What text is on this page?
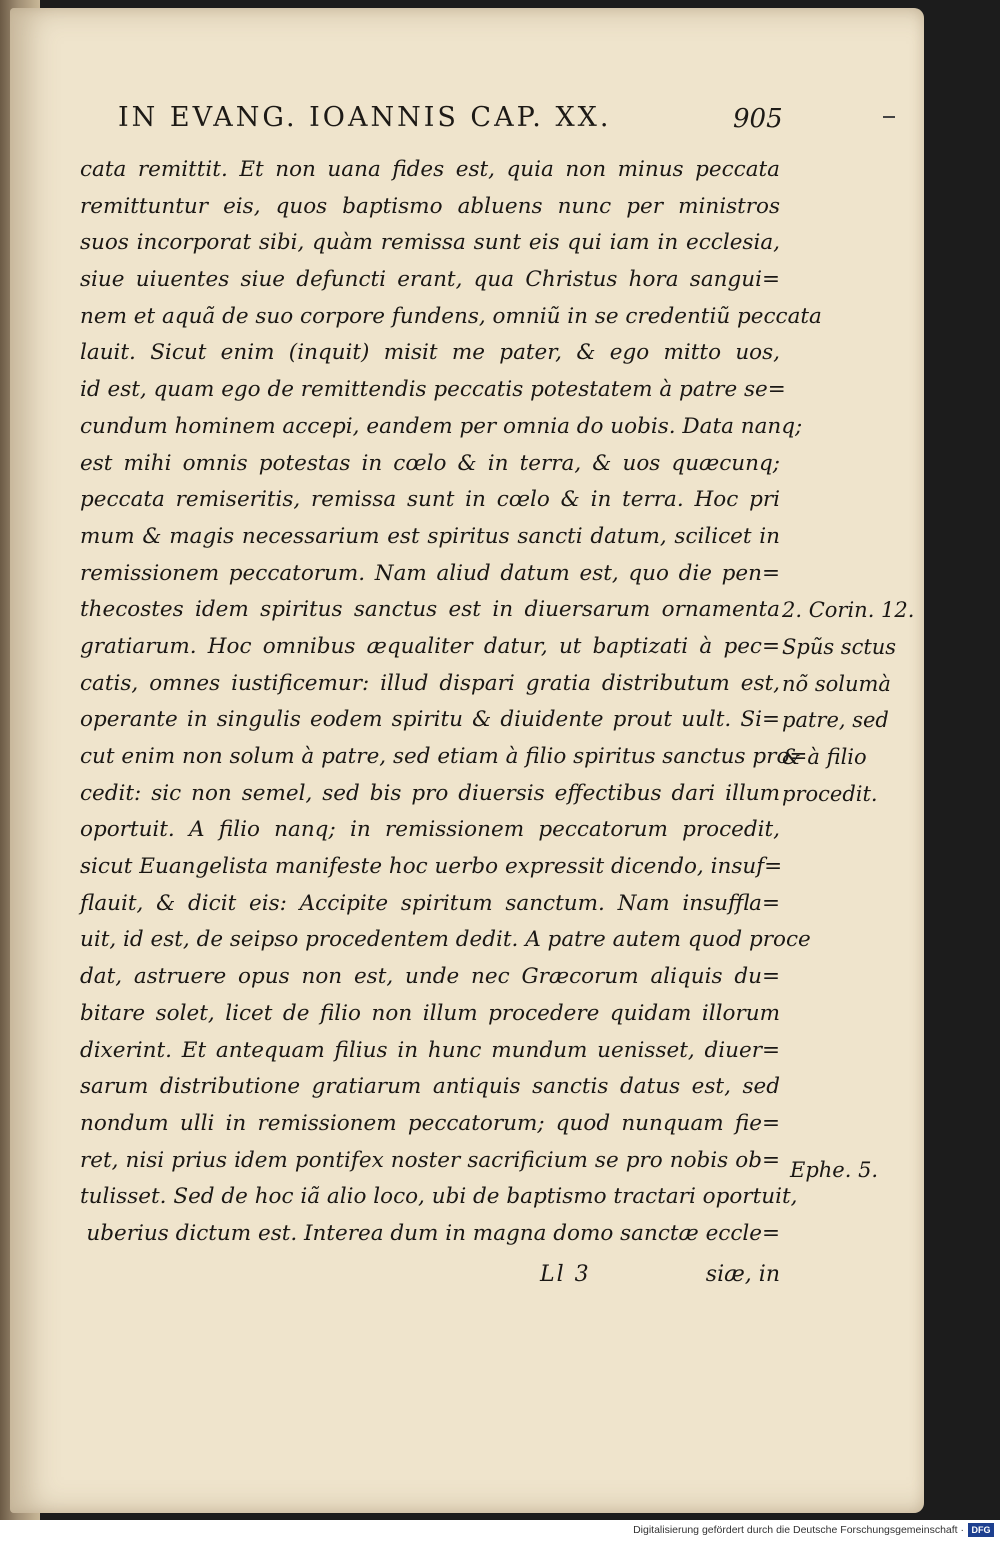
IN EVANG. IOANNIS CAP. XX.	905
cata remittit. Et non uana fides est, quia non minus peccata
remittuntur eis, quos baptismo abluens nunc per ministros
suos incorporat sibi, quàm remissa sunt eis qui iam in ecclesia,
siue uiuentes siue defuncti erant, qua Christus hora sangui=
nem et aquã de suo corpore fundens, omniũ in se credentiũ peccata
lauit. Sicut enim (inquit) misit me pater, & ego mitto uos,
id est, quam ego de remittendis peccatis potestatem à patre se=
cundum hominem accepi, eandem per omnia do uobis. Data nanq;
est mihi omnis potestas in cœlo & in terra, & uos quæcunq;
peccata remiseritis, remissa sunt in cœlo & in terra. Hoc pri
mum & magis necessarium est spiritus sancti datum, scilicet in
remissionem peccatorum. Nam aliud datum est, quo die pen=
thecostes idem spiritus sanctus est in diuersarum ornamenta
gratiarum. Hoc omnibus æqualiter datur, ut baptizati à pec=
catis, omnes iustificemur: illud dispari gratia distributum est,
operante in singulis eodem spiritu & diuidente prout uult. Si=
cut enim non solum à patre, sed etiam à filio spiritus sanctus pro=
cedit: sic non semel, sed bis pro diuersis effectibus dari illum
oportuit. A filio nanq; in remissionem peccatorum procedit,
sicut Euangelista manifeste hoc uerbo expressit dicendo, insuf=
flauit, & dicit eis: Accipite spiritum sanctum. Nam insuffla=
uit, id est, de seipso procedentem dedit. A patre autem quod proce
dat, astruere opus non est, unde nec Græcorum aliquis du=
bitare solet, licet de filio non illum procedere quidam illorum
dixerint. Et antequam filius in hunc mundum uenisset, diuer=
sarum distributione gratiarum antiquis sanctis datus est, sed
nondum ulli in remissionem peccatorum; quod nunquam fie=
ret, nisi prius idem pontifex noster sacrificium se pro nobis ob=
tulisset. Sed de hoc iã alio loco, ubi de baptismo tractari oportuit,
uberius dictum est. Interea dum in magna domo sanctæ eccle=
2. Corin. 12.
Spũs sctus
nõ solumà
patre, sed
& à filio
procedit.
Ephe. 5.
Ll 3	siæ, in
Digitalisierung gefördert durch die Deutsche Forschungsgemeinschaft · DFG
